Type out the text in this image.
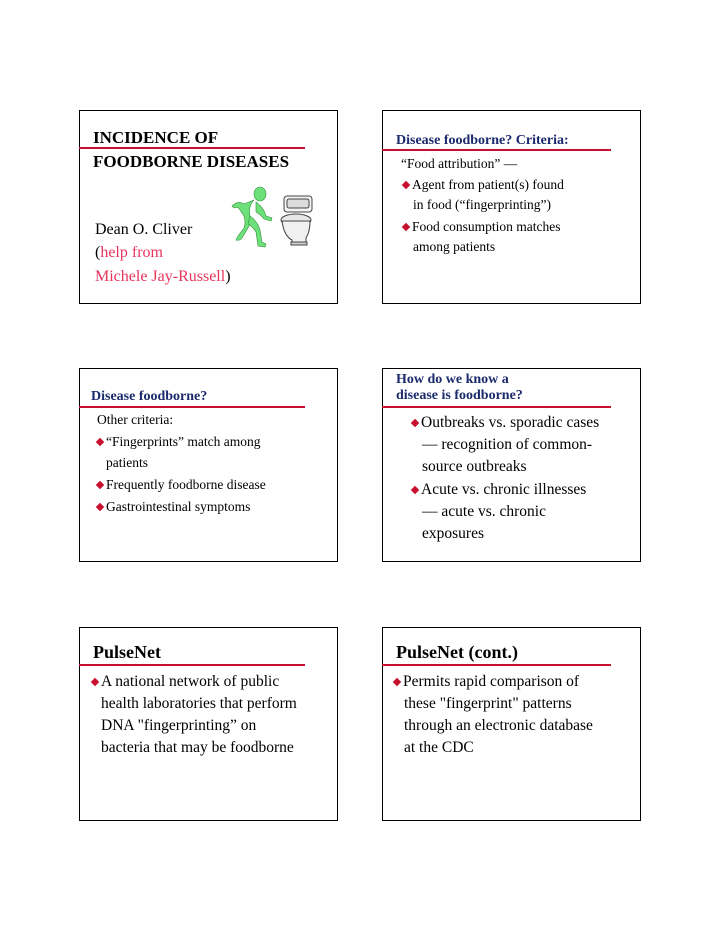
INCIDENCE OF
FOODBORNE DISEASES
Dean O. Cliver
(help from
Michele Jay-Russell)
Disease foodborne? Criteria:
“Food attribution” —
Agent from patient(s) found
in food (“fingerprinting”)
Food consumption matches
among patients
Disease foodborne?
Other criteria:
“Fingerprints” match among
patients
Frequently foodborne disease
Gastrointestinal symptoms
How do we know a
disease is foodborne?
Outbreaks vs. sporadic cases
— recognition of common-
source outbreaks
Acute vs. chronic illnesses
— acute vs. chronic
exposures
PulseNet
A national network of public
health laboratories that perform
DNA "fingerprinting” on
bacteria that may be foodborne
PulseNet (cont.)
Permits rapid comparison of
these "fingerprint" patterns
through an electronic database
at the CDC
